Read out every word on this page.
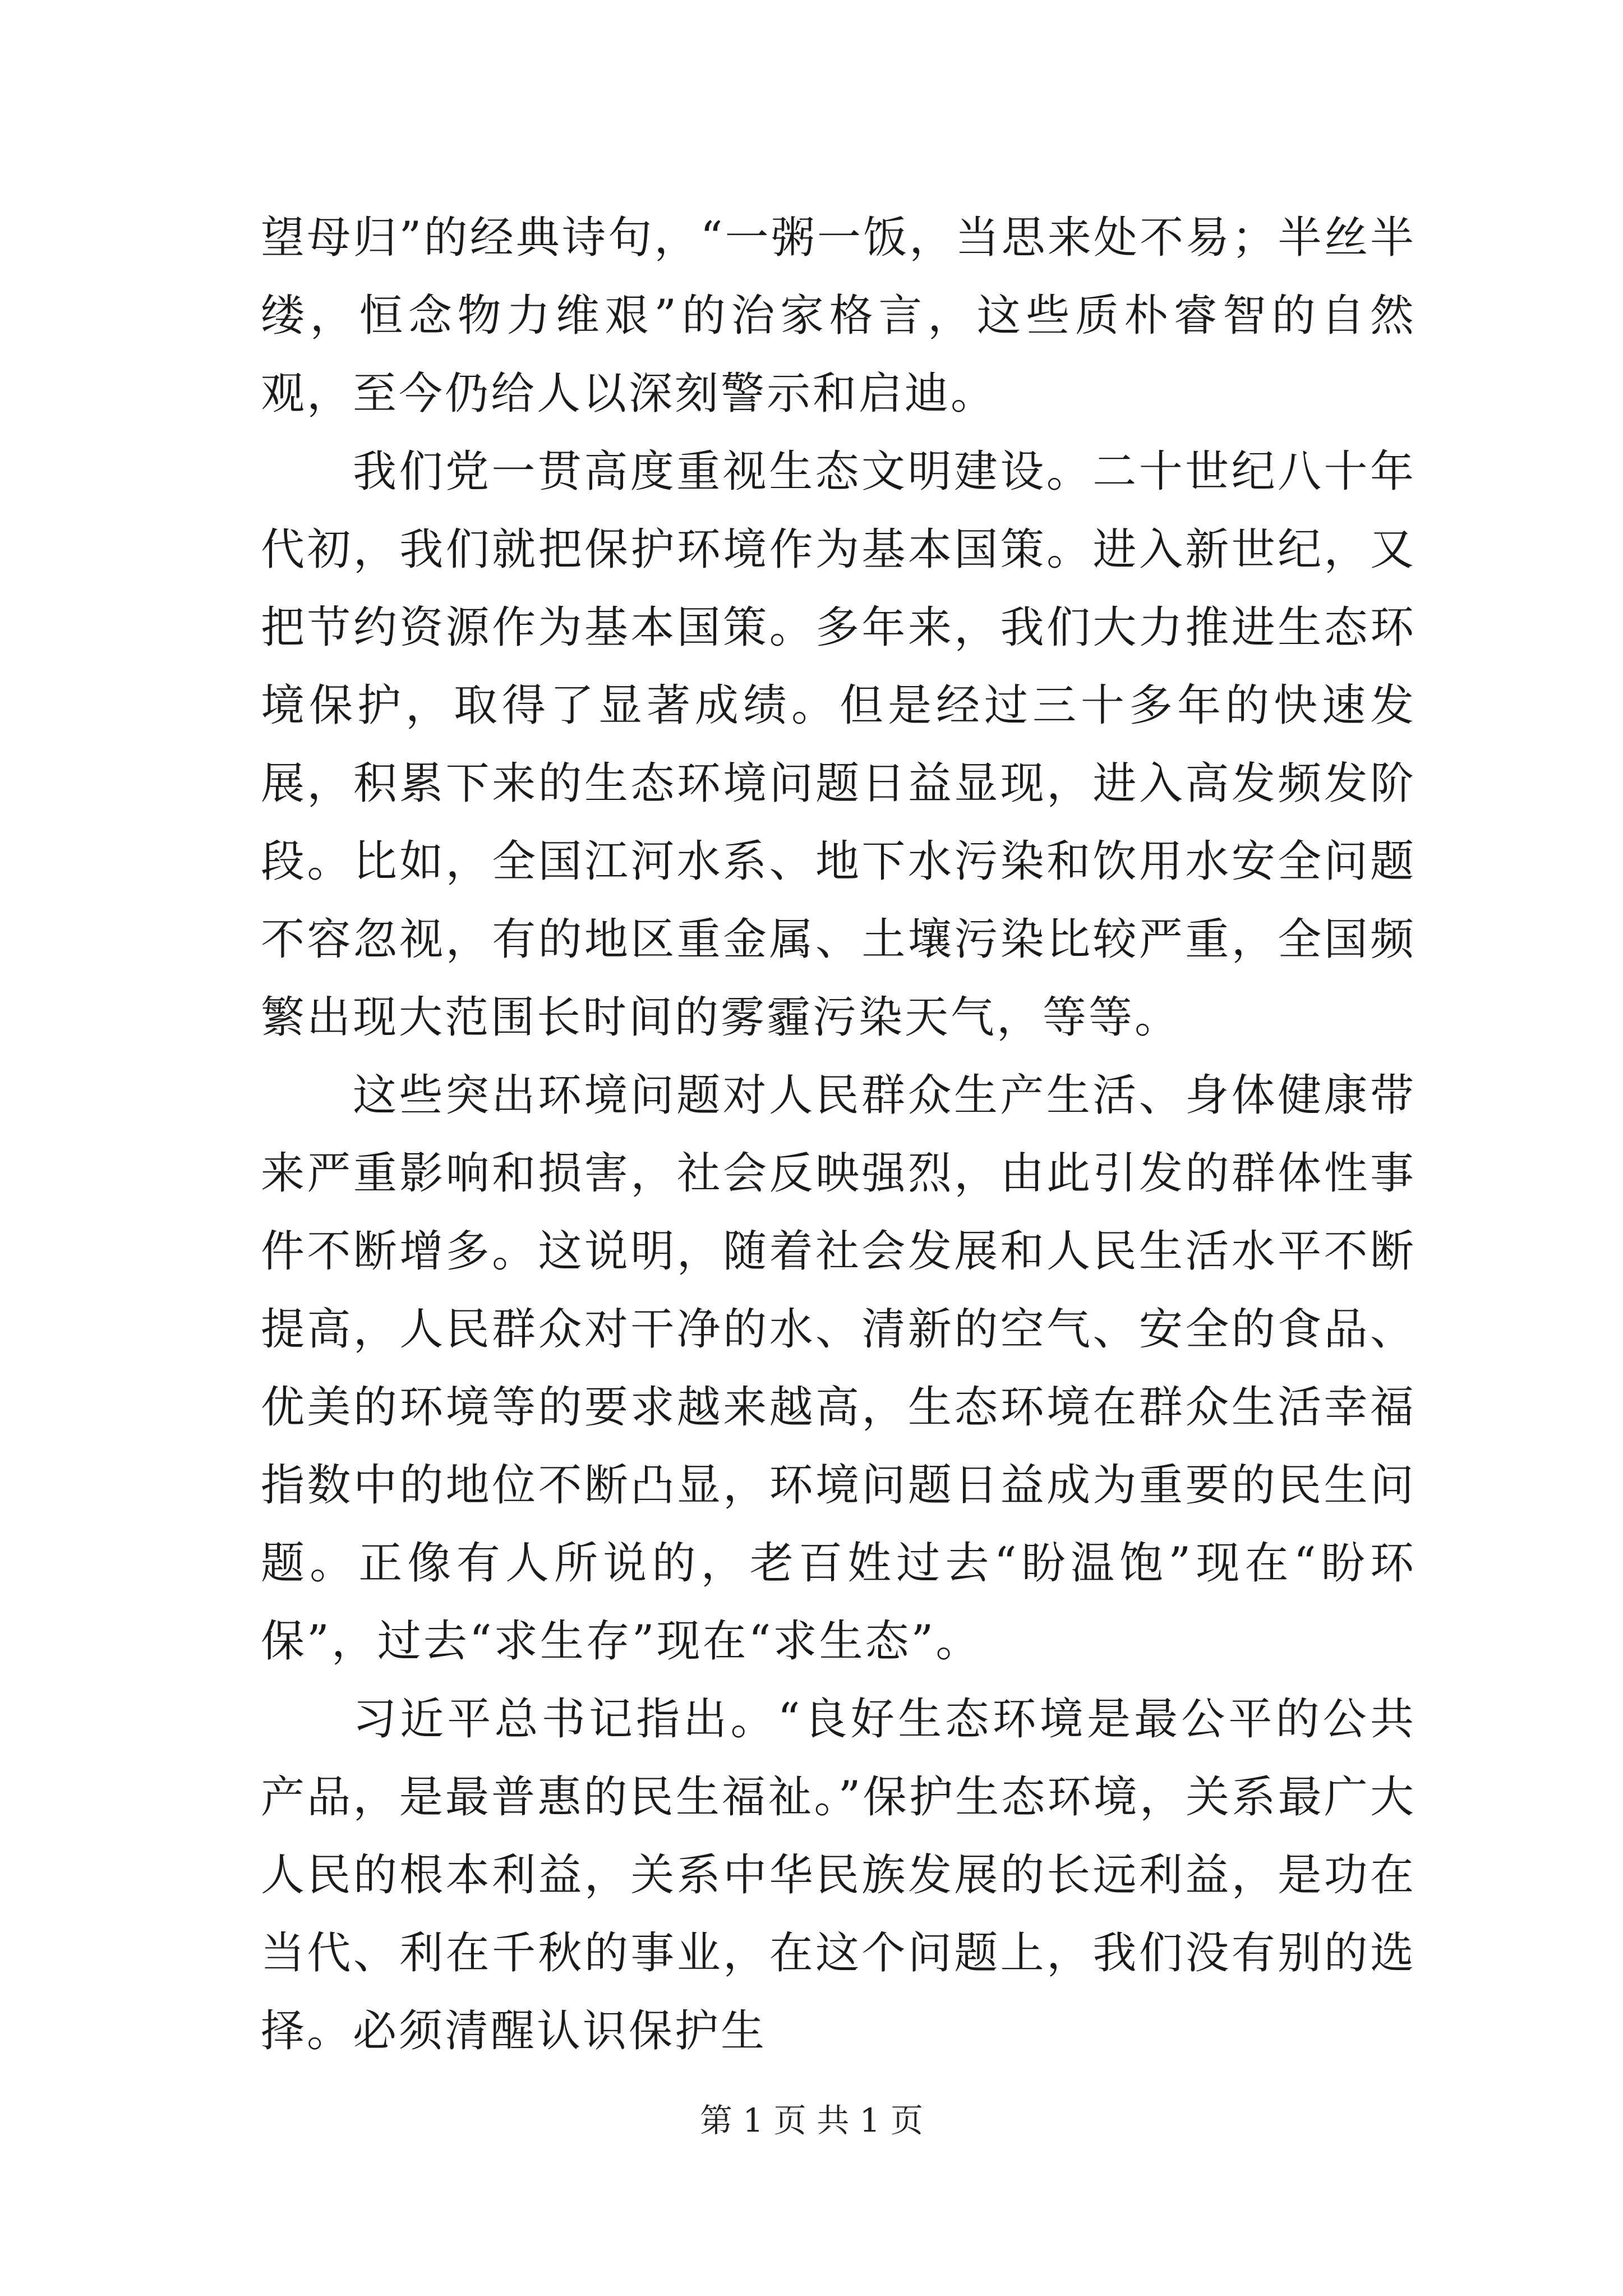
望母归”的经典诗句，“一粥一饭，当思来处不易；半丝半缕，恒念物力维艰”的治家格言，这些质朴睿智的自然观，至今仍给人以深刻警示和启迪。

我们党一贯高度重视生态文明建设。二十世纪八十年代初，我们就把保护环境作为基本国策。进入新世纪，又把节约资源作为基本国策。多年来，我们大力推进生态环境保护，取得了显著成绩。但是经过三十多年的快速发展，积累下来的生态环境问题日益显现，进入高发频发阶段。比如，全国江河水系、地下水污染和饮用水安全问题不容忽视，有的地区重金属、土壤污染比较严重，全国频繁出现大范围长时间的雾霾污染天气，等等。

这些突出环境问题对人民群众生产生活、身体健康带来严重影响和损害，社会反映强烈，由此引发的群体性事件不断增多。这说明，随着社会发展和人民生活水平不断提高，人民群众对干净的水、清新的空气、安全的食品、优美的环境等的要求越来越高，生态环境在群众生活幸福指数中的地位不断凸显，环境问题日益成为重要的民生问题。正像有人所说的，老百姓过去“盼温饱”现在“盼环保”，过去“求生存”现在“求生态”。

习近平总书记指出。“良好生态环境是最公平的公共产品，是最普惠的民生福祉。”保护生态环境，关系最广大人民的根本利益，关系中华民族发展的长远利益，是功在当代、利在千秋的事业，在这个问题上，我们没有别的选择。必须清醒认识保护生

第 1 页 共 1 页
